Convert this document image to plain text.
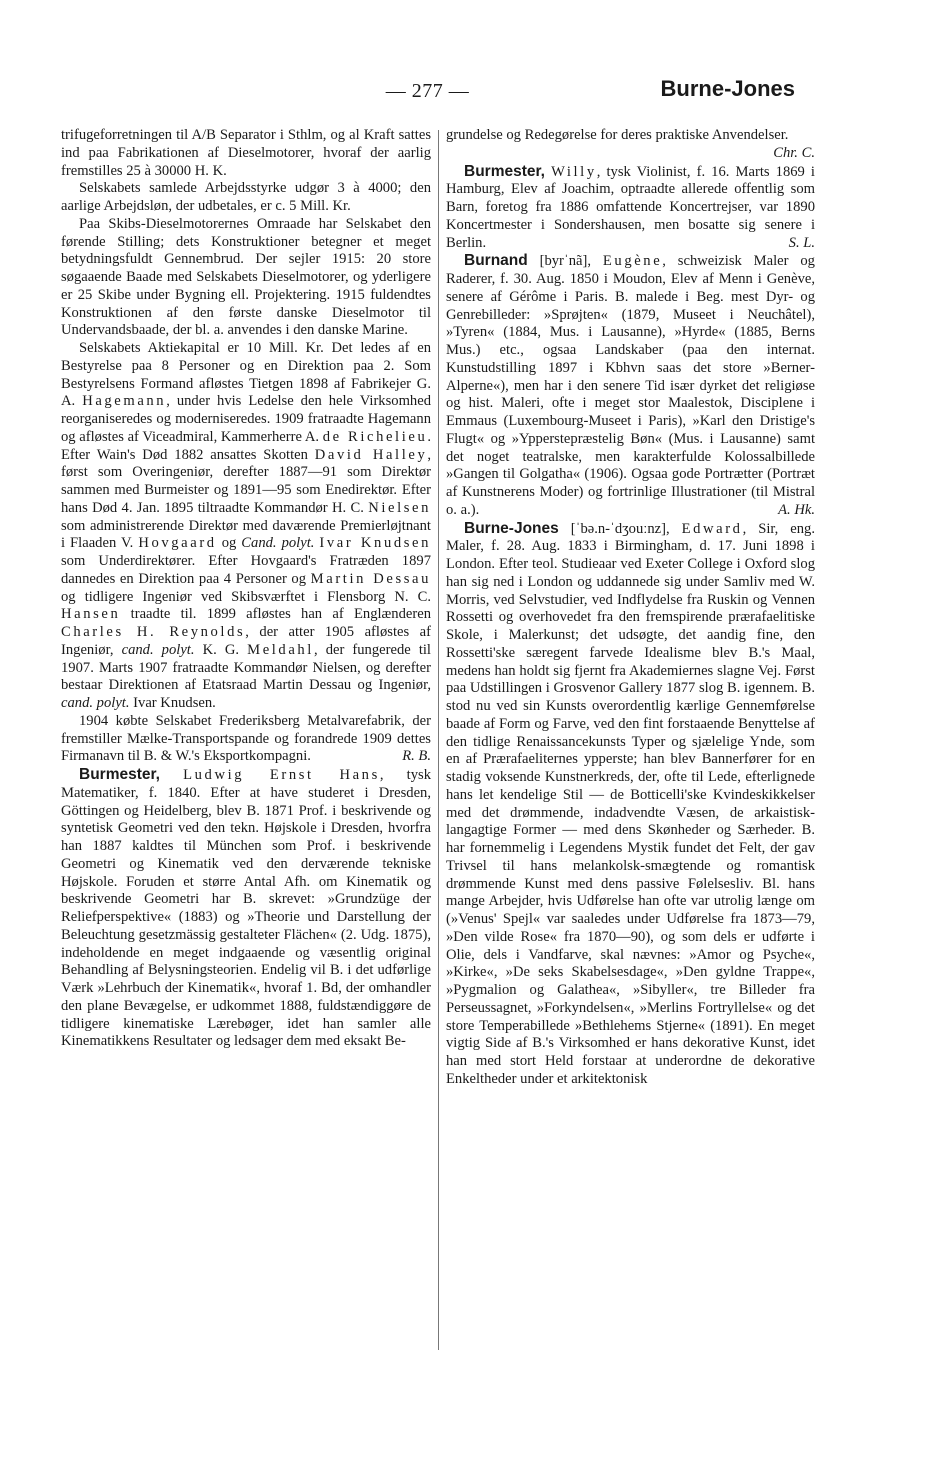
— 277 —	Burne-Jones

trifugeforretningen til A/B Separator i Sthlm, og al Kraft sattes ind paa Fabrikationen af Dieselmotorer, hvoraf der aarlig fremstilles 25 à 30000 H. K.

Selskabets samlede Arbejdsstyrke udgør 3 à 4000; den aarlige Arbejdsløn, der udbetales, er c. 5 Mill. Kr.

Paa Skibs-Dieselmotorernes Omraade har Selskabet den førende Stilling; dets Konstruktioner betegner et meget betydningsfuldt Gennembrud. Der sejler 1915: 20 store søgaaende Baade med Selskabets Dieselmotorer, og yderligere er 25 Skibe under Bygning ell. Projektering. 1915 fuldendtes Konstruktionen af den første danske Dieselmotor til Undervandsbaade, der bl. a. anvendes i den danske Marine.

Selskabets Aktiekapital er 10 Mill. Kr. Det ledes af en Bestyrelse paa 8 Personer og en Direktion paa 2. Som Bestyrelsens Formand afløstes Tietgen 1898 af Fabrikejer G. A. Hagemann, under hvis Ledelse den hele Virksomhed reorganiseredes og moderniseredes. 1909 fratraadte Hagemann og afløstes af Viceadmiral, Kammerherre A. de Richelieu. Efter Wain's Død 1882 ansattes Skotten David Halley, først som Overingeniør, derefter 1887—91 som Direktør sammen med Burmeister og 1891—95 som Enedirektør. Efter hans Død 4. Jan. 1895 tiltraadte Kommandør H. C. Nielsen som administrerende Direktør med daværende Premierløjtnant i Flaaden V. Hovgaard og Cand. polyt. Ivar Knudsen som Underdirektører. Efter Hovgaard's Fratræden 1897 dannedes en Direktion paa 4 Personer og Martin Dessau og tidligere Ingeniør ved Skibsværftet i Flensborg N. C. Hansen traadte til. 1899 afløstes han af Englænderen Charles H. Reynolds, der atter 1905 afløstes af Ingeniør, cand. polyt. K. G. Meldahl, der fungerede til 1907. Marts 1907 fratraadte Kommandør Nielsen, og derefter bestaar Direktionen af Etatsraad Martin Dessau og Ingeniør, cand. polyt. Ivar Knudsen.

1904 købte Selskabet Frederiksberg Metalvarefabrik, der fremstiller Mælke-Transportspande og forandrede 1909 dettes Firmanavn til B. & W.'s Eksportkompagni.	R. B.

Burmester, Ludwig Ernst Hans, tysk Matematiker, f. 1840. Efter at have studeret i Dresden, Göttingen og Heidelberg, blev B. 1871 Prof. i beskrivende og syntetisk Geometri ved den tekn. Højskole i Dresden, hvorfra han 1887 kaldtes til München som Prof. i beskrivende Geometri og Kinematik ved den derværende tekniske Højskole. Foruden et større Antal Afh. om Kinematik og beskrivende Geometri har B. skrevet: »Grundzüge der Reliefperspektive« (1883) og »Theorie und Darstellung der Beleuchtung gesetzmässig gestalteter Flächen« (2. Udg. 1875), indeholdende en meget indgaaende og væsentlig original Behandling af Belysningsteorien. Endelig vil B. i det udførlige Værk »Lehrbuch der Kinematik«, hvoraf 1. Bd, der omhandler den plane Bevægelse, er udkommet 1888, fuldstændiggøre de tidligere kinematiske Lærebøger, idet han samler alle Kinematikkens Resultater og ledsager dem med eksakt Be-

grundelse og Redegørelse for deres praktiske Anvendelser.
Chr. C.

Burmester, Willy, tysk Violinist, f. 16. Marts 1869 i Hamburg, Elev af Joachim, optraadte allerede offentlig som Barn, foretog fra 1886 omfattende Koncertrejser, var 1890 Koncertmester i Sondershausen, men bosatte sig senere i Berlin.	S. L.

Burnand [byrˈnã], Eugène, schweizisk Maler og Raderer, f. 30. Aug. 1850 i Moudon, Elev af Menn i Genève, senere af Gérôme i Paris. B. malede i Beg. mest Dyr- og Genrebilleder: »Sprøjten« (1879, Museet i Neuchâtel), »Tyren« (1884, Mus. i Lausanne), »Hyrde« (1885, Berns Mus.) etc., ogsaa Landskaber (paa den internat. Kunstudstilling 1897 i Kbhvn saas det store »Berner-Alperne«), men har i den senere Tid især dyrket det religiøse og hist. Maleri, ofte i meget stor Maalestok, Disciplene i Emmaus (Luxembourg-Museet i Paris), »Karl den Dristige's Flugt« og »Ypperstepræstelig Bøn« (Mus. i Lausanne) samt det noget teatralske, men karakterfulde Kolossalbillede »Gangen til Golgatha« (1906). Ogsaa gode Portrætter (Portræt af Kunstnerens Moder) og fortrinlige Illustrationer (til Mistral o. a.).	A. Hk.

Burne-Jones [ˈbə.n-ˈdʒouːnz], Edward, Sir, eng. Maler, f. 28. Aug. 1833 i Birmingham, d. 17. Juni 1898 i London. Efter teol. Studieaar ved Exeter College i Oxford slog han sig ned i London og uddannede sig under Samliv med W. Morris, ved Selvstudier, ved Indflydelse fra Ruskin og Vennen Rossetti og overhovedet fra den fremspirende prærafaelitiske Skole, i Malerkunst; det udsøgte, det aandig fine, den Rossetti'ske særegent farvede Idealisme blev B.'s Maal, medens han holdt sig fjernt fra Akademiernes slagne Vej. Først paa Udstillingen i Grosvenor Gallery 1877 slog B. igennem. B. stod nu ved sin Kunsts overordentlig kærlige Gennemførelse baade af Form og Farve, ved den fint forstaaende Benyttelse af den tidlige Renaissancekunsts Typer og sjælelige Ynde, som en af Prærafaeliternes ypperste; han blev Bannerfører for en stadig voksende Kunstnerkreds, der, ofte til Lede, efterlignede hans let kendelige Stil — de Botticelli'ske Kvindeskikkelser med det drømmende, indadvendte Væsen, de arkaistisk-langagtige Former — med dens Skønheder og Særheder. B. har fornemmelig i Legendens Mystik fundet det Felt, der gav Trivsel til hans melankolsk-smægtende og romantisk drømmende Kunst med dens passive Følelsesliv. Bl. hans mange Arbejder, hvis Udførelse han ofte var utrolig længe om (»Venus' Spejl« var saaledes under Udførelse fra 1873—79, »Den vilde Rose« fra 1870—90), og som dels er udførte i Olie, dels i Vandfarve, skal nævnes: »Amor og Psyche«, »Kirke«, »De seks Skabelsesdage«, »Den gyldne Trappe«, »Pygmalion og Galathea«, »Sibyller«, tre Billeder fra Perseussagnet, »Forkyndelsen«, »Merlins Fortryllelse« og det store Temperabillede »Bethlehems Stjerne« (1891). En meget vigtig Side af B.'s Virksomhed er hans dekorative Kunst, idet han med stort Held forstaar at underordne de dekorative Enkeltheder under et arkitektonisk
